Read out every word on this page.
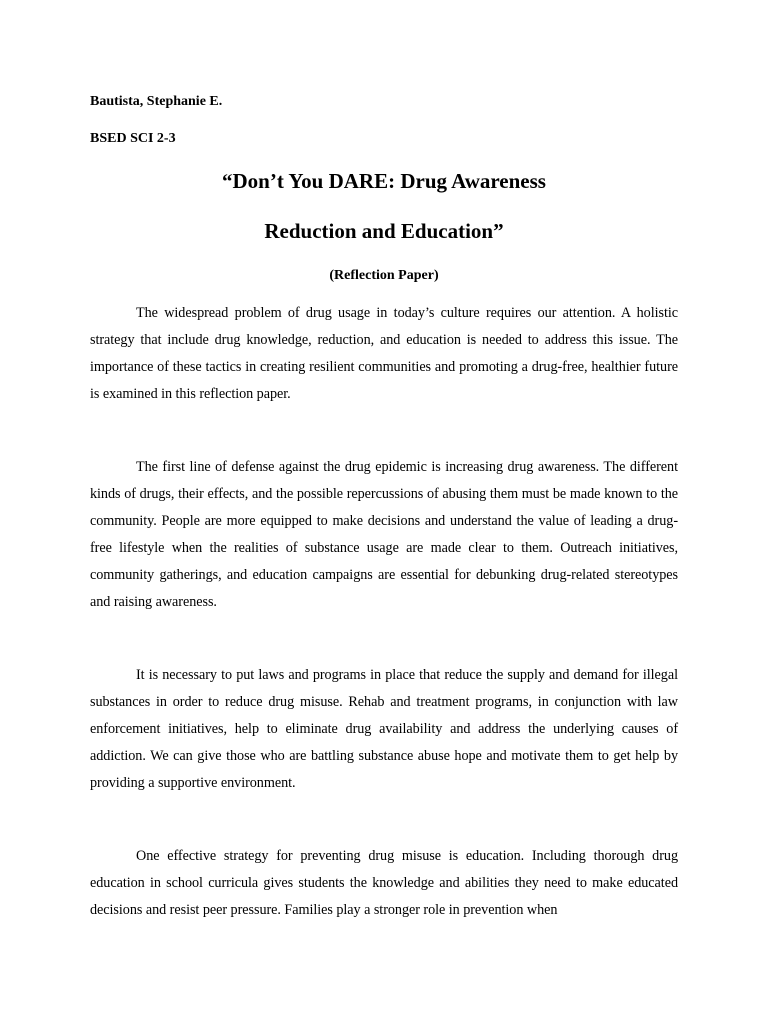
Bautista, Stephanie E.
BSED SCI 2-3
“Don’t You DARE: Drug Awareness
Reduction and Education”
(Reflection Paper)

The widespread problem of drug usage in today’s culture requires our attention. A holistic strategy that include drug knowledge, reduction, and education is needed to address this issue. The importance of these tactics in creating resilient communities and promoting a drug-free, healthier future is examined in this reflection paper.

The first line of defense against the drug epidemic is increasing drug awareness. The different kinds of drugs, their effects, and the possible repercussions of abusing them must be made known to the community. People are more equipped to make decisions and understand the value of leading a drug-free lifestyle when the realities of substance usage are made clear to them. Outreach initiatives, community gatherings, and education campaigns are essential for debunking drug-related stereotypes and raising awareness.

It is necessary to put laws and programs in place that reduce the supply and demand for illegal substances in order to reduce drug misuse. Rehab and treatment programs, in conjunction with law enforcement initiatives, help to eliminate drug availability and address the underlying causes of addiction. We can give those who are battling substance abuse hope and motivate them to get help by providing a supportive environment.

One effective strategy for preventing drug misuse is education. Including thorough drug education in school curricula gives students the knowledge and abilities they need to make educated decisions and resist peer pressure. Families play a stronger role in prevention when
